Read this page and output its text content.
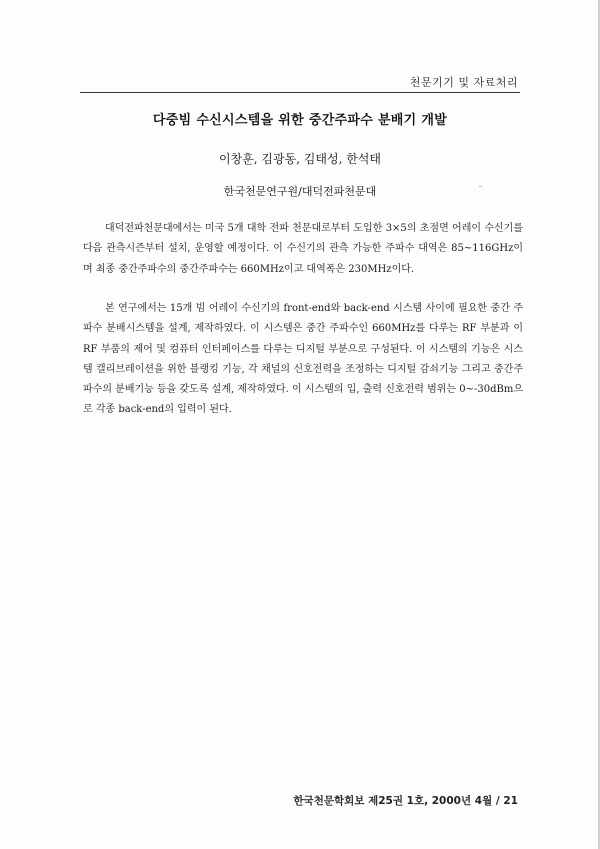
천문기기 및 자료처리
다중빔 수신시스템을 위한 중간주파수 분배기 개발
이창훈, 김광동, 김태성, 한석태
한국천문연구원/대덕전파천문대

대덕전파천문대에서는 미국 5개 대학 전파 천문대로부터 도입한 3×5의 초점면 어레이 수신기를 다음 관측시즌부터 설치, 운영할 예정이다. 이 수신기의 관측 가능한 주파수 대역은 85~116GHz이며 최종 중간주파수의 중간주파수는 660MHz이고 대역폭은 230MHz이다.

본 연구에서는 15개 빔 어레이 수신기의 front-end와 back-end 시스템 사이에 필요한 중간 주파수 분배시스템을 설계, 제작하였다. 이 시스템은 중간 주파수인 660MHz를 다루는 RF 부분과 이 RF 부품의 제어 및 컴퓨터 인터페이스를 다루는 디지털 부분으로 구성된다. 이 시스템의 기능은 시스템 캘리브레이션을 위한 블랭킹 기능, 각 채널의 신호전력을 조정하는 디지털 감쇠기능 그리고 중간주파수의 분배기능 등을 갖도록 설계, 제작하였다. 이 시스템의 입, 출력 신호전력 범위는 0~-30dBm으로 각종 back-end의 입력이 된다.

한국천문학회보 제25권 1호, 2000년 4월 / 21
